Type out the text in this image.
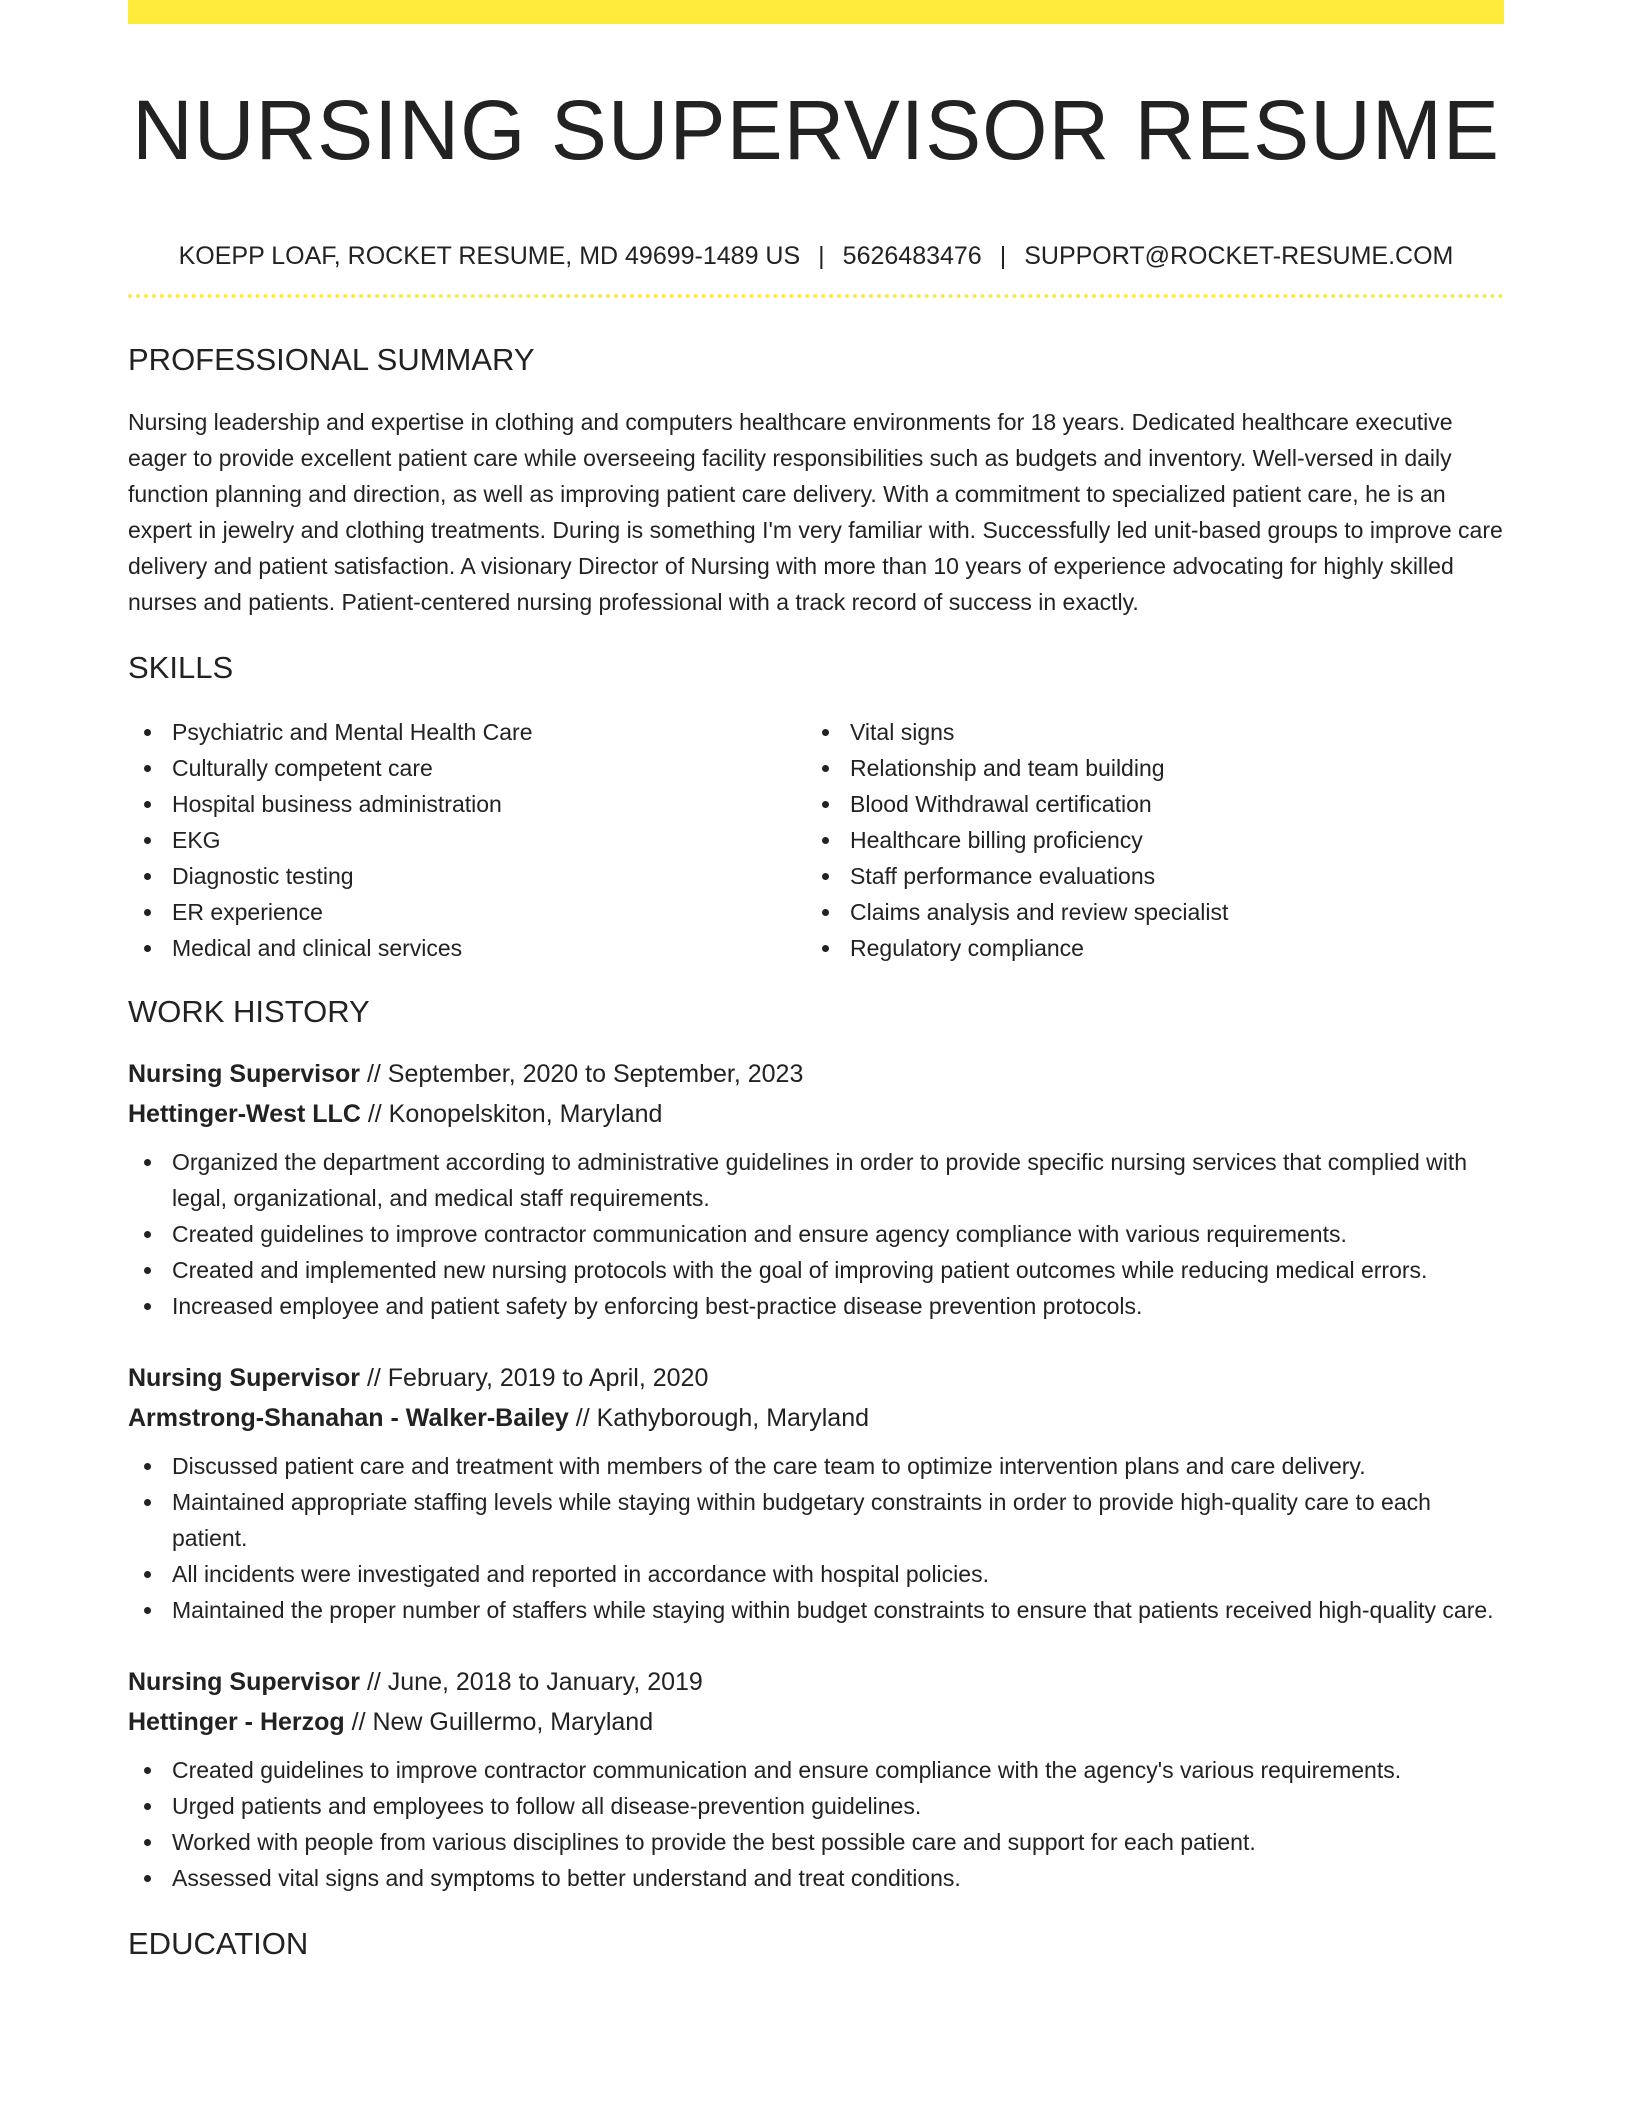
NURSING SUPERVISOR RESUME
KOEPP LOAF, ROCKET RESUME, MD 49699-1489 US | 5626483476 | SUPPORT@ROCKET-RESUME.COM
PROFESSIONAL SUMMARY

Nursing leadership and expertise in clothing and computers healthcare environments for 18 years. Dedicated healthcare executive eager to provide excellent patient care while overseeing facility responsibilities such as budgets and inventory. Well-versed in daily function planning and direction, as well as improving patient care delivery. With a commitment to specialized patient care, he is an expert in jewelry and clothing treatments. During is something I'm very familiar with. Successfully led unit-based groups to improve care delivery and patient satisfaction. A visionary Director of Nursing with more than 10 years of experience advocating for highly skilled nurses and patients. Patient-centered nursing professional with a track record of success in exactly.

SKILLS
Psychiatric and Mental Health Care
Culturally competent care
Hospital business administration
EKG
Diagnostic testing
ER experience
Medical and clinical services
Vital signs
Relationship and team building
Blood Withdrawal certification
Healthcare billing proficiency
Staff performance evaluations
Claims analysis and review specialist
Regulatory compliance
WORK HISTORY
Nursing Supervisor // September, 2020 to September, 2023
Hettinger-West LLC // Konopelskiton, Maryland
Organized the department according to administrative guidelines in order to provide specific nursing services that complied with legal, organizational, and medical staff requirements.
Created guidelines to improve contractor communication and ensure agency compliance with various requirements.
Created and implemented new nursing protocols with the goal of improving patient outcomes while reducing medical errors.
Increased employee and patient safety by enforcing best-practice disease prevention protocols.
Nursing Supervisor // February, 2019 to April, 2020
Armstrong-Shanahan - Walker-Bailey // Kathyborough, Maryland
Discussed patient care and treatment with members of the care team to optimize intervention plans and care delivery.
Maintained appropriate staffing levels while staying within budgetary constraints in order to provide high-quality care to each patient.
All incidents were investigated and reported in accordance with hospital policies.
Maintained the proper number of staffers while staying within budget constraints to ensure that patients received high-quality care.
Nursing Supervisor // June, 2018 to January, 2019
Hettinger - Herzog // New Guillermo, Maryland
Created guidelines to improve contractor communication and ensure compliance with the agency's various requirements.
Urged patients and employees to follow all disease-prevention guidelines.
Worked with people from various disciplines to provide the best possible care and support for each patient.
Assessed vital signs and symptoms to better understand and treat conditions.
EDUCATION
